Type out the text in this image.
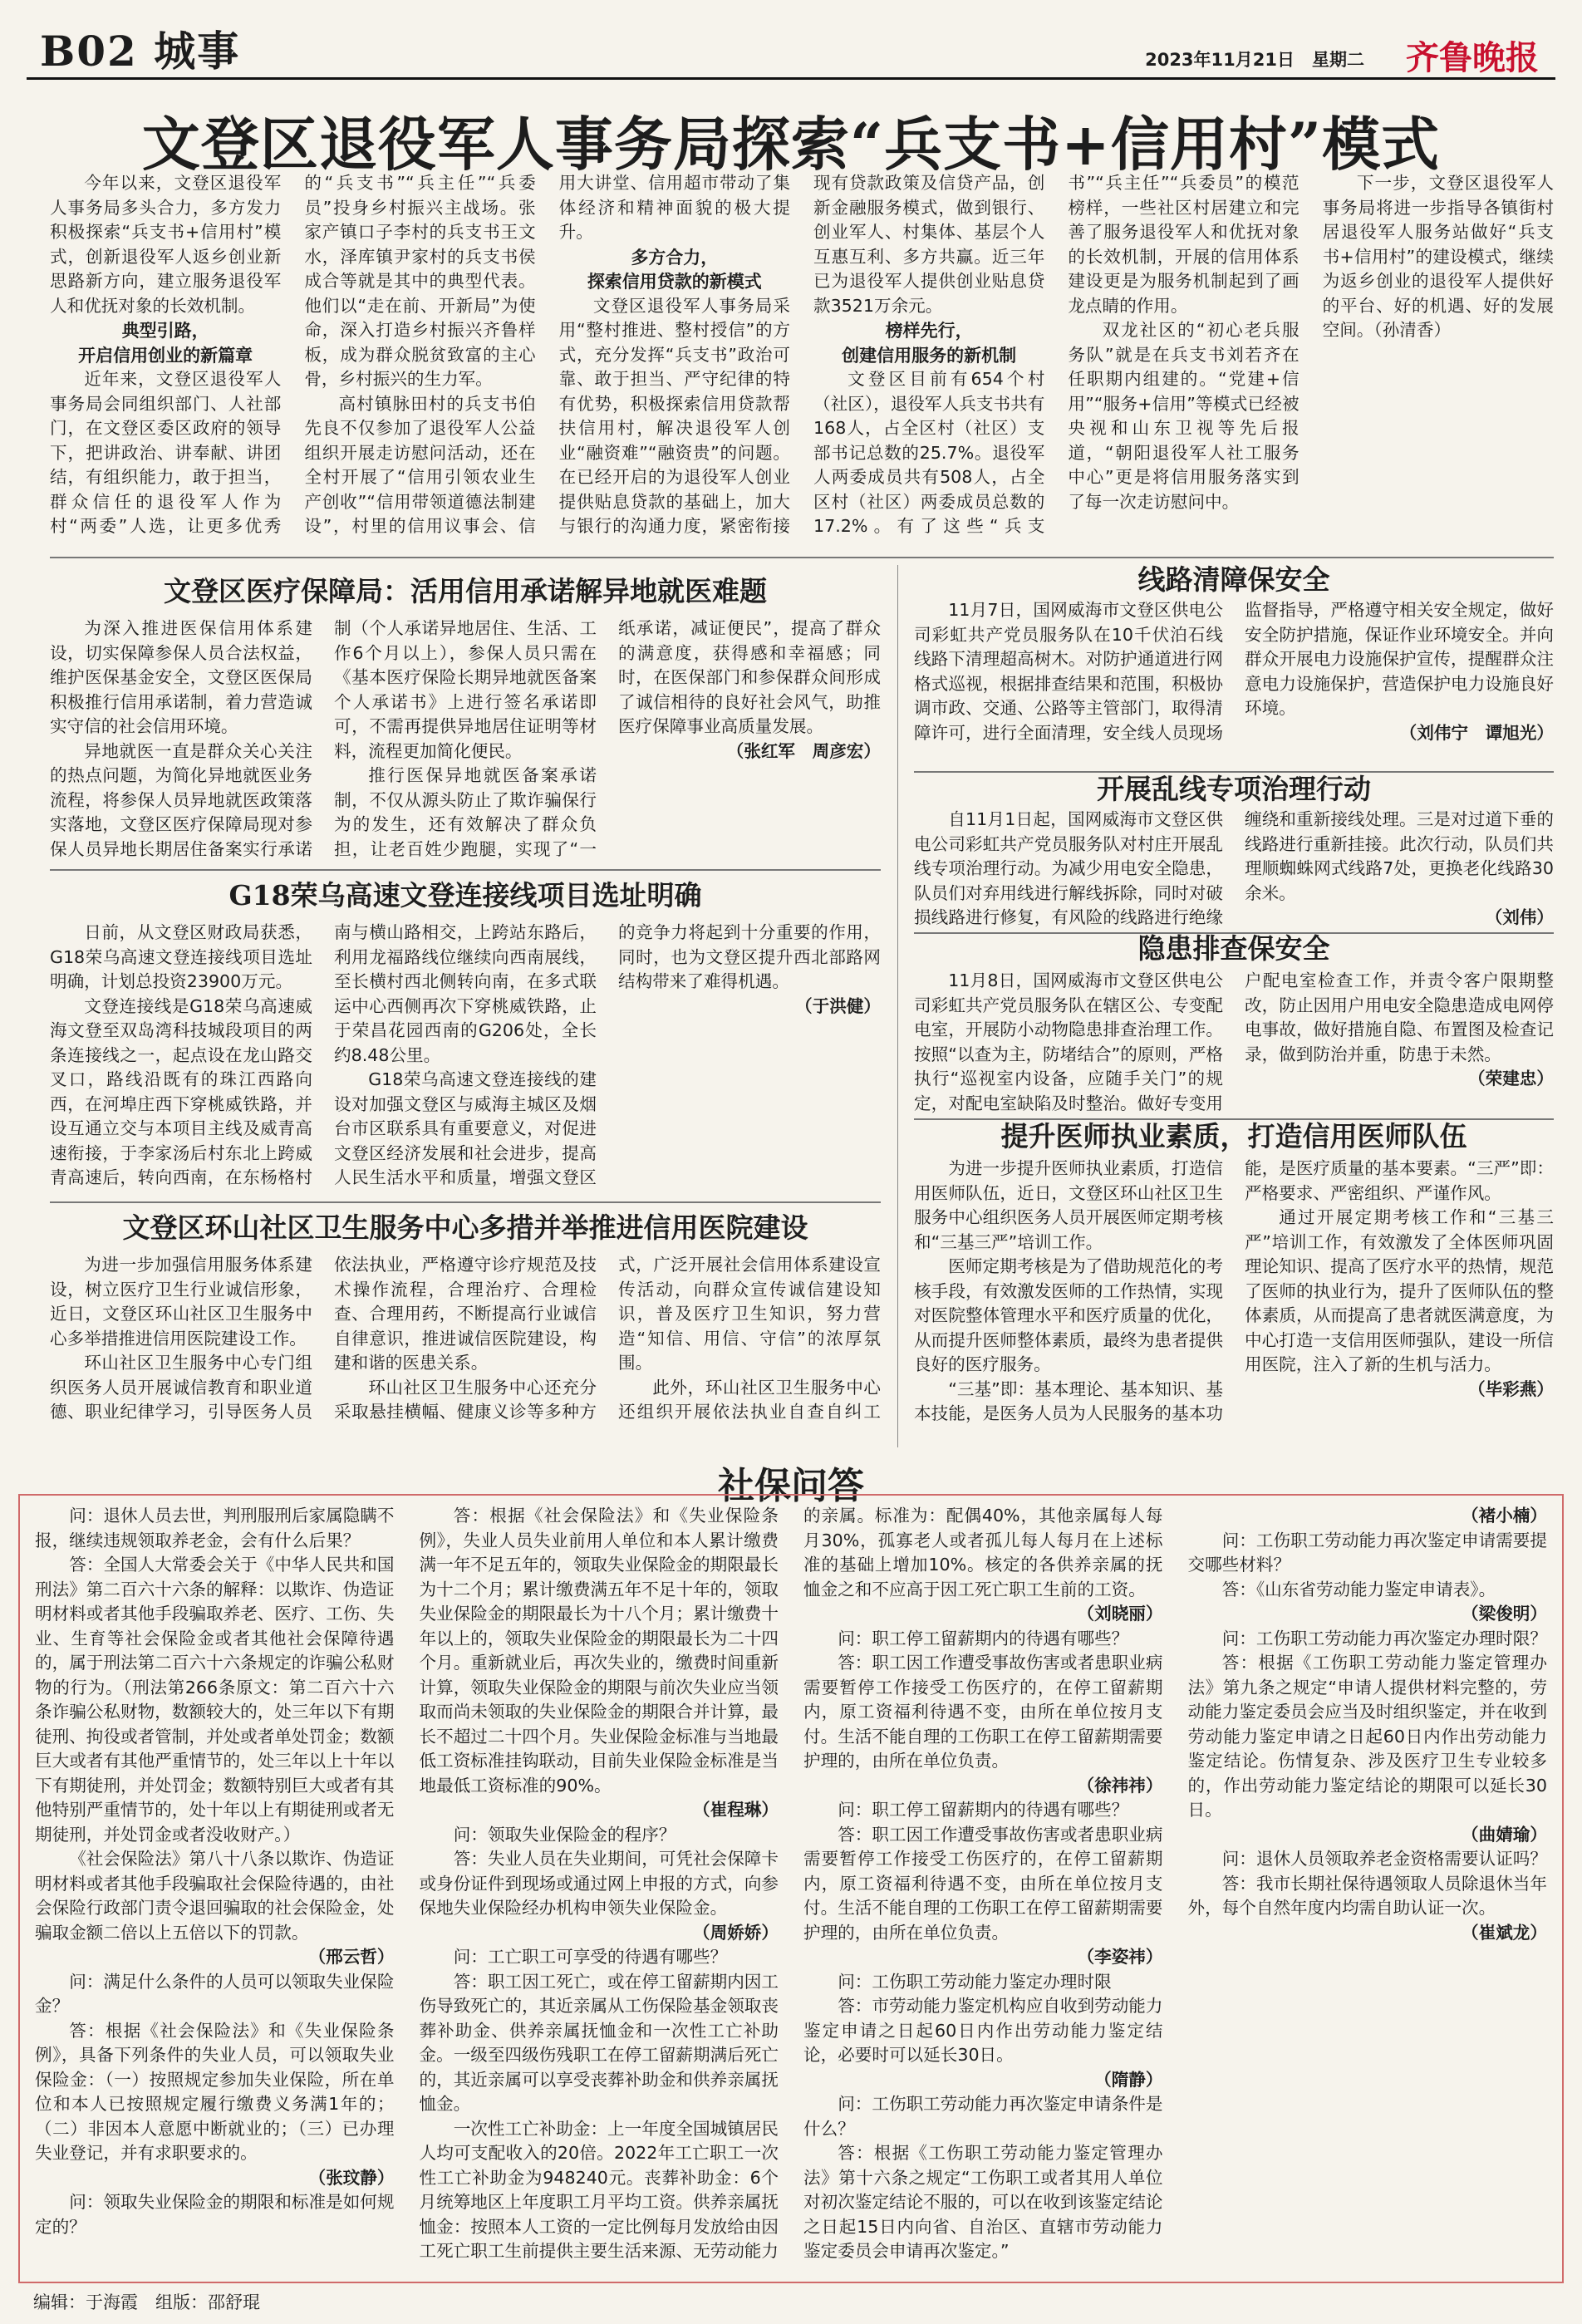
B02 城事	2023年11月21日　星期二 齐鲁晚报
文登区退役军人事务局探索“兵支书+信用村”模式

今年以来，文登区退役军人事务局多头合力，多方发力积极探索“兵支书+信用村”模式，创新退役军人返乡创业新思路新方向，建立服务退役军人和优抚对象的长效机制。

典型引路，
开启信用创业的新篇章

近年来，文登区退役军人事务局会同组织部门、人社部门，在文登区委区政府的领导下，把讲政治、讲奉献、讲团结，有组织能力，敢于担当，群众信任的退役军人作为村“两委”人选，让更多优秀的“兵支书”“兵主任”“兵委员”投身乡村振兴主战场。张家产镇口子李村的兵支书王文水，泽库镇尹家村的兵支书侯成合等就是其中的典型代表。他们以“走在前、开新局”为使命，深入打造乡村振兴齐鲁样板，成为群众脱贫致富的主心骨，乡村振兴的生力军。

高村镇脉田村的兵支书伯先良不仅参加了退役军人公益组织开展走访慰问活动，还在全村开展了“信用引领农业生产创收”“信用带领道德法制建设”，村里的信用议事会、信用大讲堂、信用超市带动了集体经济和精神面貌的极大提升。

多方合力，
探索信用贷款的新模式

文登区退役军人事务局采用“整村推进、整村授信”的方式，充分发挥“兵支书”政治可靠、敢于担当、严守纪律的特有优势，积极探索信用贷款帮扶信用村，解决退役军人创业“融资难”“融资贵”的问题。在已经开启的为退役军人创业提供贴息贷款的基础上，加大与银行的沟通力度，紧密衔接现有贷款政策及信贷产品，创新金融服务模式，做到银行、创业军人、村集体、基层个人互惠互利、多方共赢。近三年已为退役军人提供创业贴息贷款3521万余元。

榜样先行，
创建信用服务的新机制

文登区目前有654个村（社区），退役军人兵支书共有168人，占全区村（社区）支部书记总数的25.7%。退役军人两委成员共有508人，占全区村（社区）两委成员总数的17.2%。有了这些“兵支书”“兵主任”“兵委员”的模范榜样，一些社区村居建立和完善了服务退役军人和优抚对象的长效机制，开展的信用体系建设更是为服务机制起到了画龙点睛的作用。

双龙社区的“初心老兵服务队”就是在兵支书刘若齐在任职期内组建的。“党建+信用”“服务+信用”等模式已经被央视和山东卫视等先后报道，“朝阳退役军人社工服务中心”更是将信用服务落实到了每一次走访慰问中。

下一步，文登区退役军人事务局将进一步指导各镇街村居退役军人服务站做好“兵支书+信用村”的建设模式，继续为返乡创业的退役军人提供好的平台、好的机遇、好的发展空间。（孙清香）

文登区医疗保障局：活用信用承诺解异地就医难题

为深入推进医保信用体系建设，切实保障参保人员合法权益，维护医保基金安全，文登区医保局积极推行信用承诺制，着力营造诚实守信的社会信用环境。

异地就医一直是群众关心关注的热点问题，为简化异地就医业务流程，将参保人员异地就医政策落实落地，文登区医疗保障局现对参保人员异地长期居住备案实行承诺制（个人承诺异地居住、生活、工作6个月以上），参保人员只需在《基本医疗保险长期异地就医备案个人承诺书》上进行签名承诺即可，不需再提供异地居住证明等材料，流程更加简化便民。

推行医保异地就医备案承诺制，不仅从源头防止了欺诈骗保行为的发生，还有效解决了群众负担，让老百姓少跑腿，实现了“一纸承诺，减证便民”，提高了群众的满意度，获得感和幸福感；同时，在医保部门和参保群众间形成了诚信相待的良好社会风气，助推医疗保障事业高质量发展。

（张红军　周彦宏）
G18荣乌高速文登连接线项目选址明确

日前，从文登区财政局获悉，G18荣乌高速文登连接线项目选址明确，计划总投资23900万元。

文登连接线是G18荣乌高速威海文登至双岛湾科技城段项目的两条连接线之一，起点设在龙山路交叉口，路线沿既有的珠江西路向西，在河埠庄西下穿桃威铁路，并设互通立交与本项目主线及威青高速衔接，于李家汤后村东北上跨威青高速后，转向西南，在东杨格村南与横山路相交，上跨站东路后，利用龙福路线位继续向西南展线，至长横村西北侧转向南，在多式联运中心西侧再次下穿桃威铁路，止于荣昌花园西南的G206处，全长约8.48公里。

G18荣乌高速文登连接线的建设对加强文登区与威海主城区及烟台市区联系具有重要意义，对促进文登区经济发展和社会进步，提高人民生活水平和质量，增强文登区的竞争力将起到十分重要的作用，同时，也为文登区提升西北部路网结构带来了难得机遇。

（于洪健）
文登区环山社区卫生服务中心多措并举推进信用医院建设

为进一步加强信用服务体系建设，树立医疗卫生行业诚信形象，近日，文登区环山社区卫生服务中心多举措推进信用医院建设工作。

环山社区卫生服务中心专门组织医务人员开展诚信教育和职业道德、职业纪律学习，引导医务人员依法执业，严格遵守诊疗规范及技术操作流程，合理治疗、合理检查、合理用药，不断提高行业诚信自律意识，推进诚信医院建设，构建和谐的医患关系。

环山社区卫生服务中心还充分采取悬挂横幅、健康义诊等多种方式，广泛开展社会信用体系建设宣传活动，向群众宣传诚信建设知识，普及医疗卫生知识，努力营造“知信、用信、守信”的浓厚氛围。

此外，环山社区卫生服务中心还组织开展依法执业自查自纠工

线路清障保安全

11月7日，国网威海市文登区供电公司彩虹共产党员服务队在10千伏泊石线线路下清理超高树木。对防护通道进行网格式巡视，根据排查结果和范围，积极协调市政、交通、公路等主管部门，取得清障许可，进行全面清理，安全线人员现场监督指导，严格遵守相关安全规定，做好安全防护措施，保证作业环境安全。并向群众开展电力设施保护宣传，提醒群众注意电力设施保护，营造保护电力设施良好环境。

（刘伟宁　谭旭光）
开展乱线专项治理行动

自11月1日起，国网威海市文登区供电公司彩虹共产党员服务队对村庄开展乱线专项治理行动。为减少用电安全隐患，队员们对弃用线进行解线拆除，同时对破损线路进行修复，有风险的线路进行绝缘缠绕和重新接线处理。三是对过道下垂的线路进行重新挂接。此次行动，队员们共理顺蜘蛛网式线路7处，更换老化线路30余米。

（刘伟）
隐患排查保安全

11月8日，国网威海市文登区供电公司彩虹共产党员服务队在辖区公、专变配电室，开展防小动物隐患排查治理工作。按照“以查为主，防堵结合”的原则，严格执行“巡视室内设备，应随手关门”的规定，对配电室缺陷及时整治。做好专变用户配电室检查工作，并责令客户限期整改，防止因用户用电安全隐患造成电网停电事故，做好措施自隐、布置图及检查记录，做到防治并重，防患于未然。

（荣建忠）
提升医师执业素质，打造信用医师队伍

为进一步提升医师执业素质，打造信用医师队伍，近日，文登区环山社区卫生服务中心组织医务人员开展医师定期考核和“三基三严”培训工作。

医师定期考核是为了借助规范化的考核手段，有效激发医师的工作热情，实现对医院整体管理水平和医疗质量的优化，从而提升医师整体素质，最终为患者提供良好的医疗服务。

“三基”即：基本理论、基本知识、基本技能，是医务人员为人民服务的基本功能，是医疗质量的基本要素。“三严”即：严格要求、严密组织、严谨作风。

通过开展定期考核工作和“三基三严”培训工作，有效激发了全体医师巩固理论知识、提高了医疗水平的热情，规范了医师的执业行为，提升了医师队伍的整体素质，从而提高了患者就医满意度，为中心打造一支信用医师强队，建设一所信用医院，注入了新的生机与活力。

（毕彩燕）
社保问答

问：退休人员去世，判刑服刑后家属隐瞒不报，继续违规领取养老金，会有什么后果？

答：全国人大常委会关于《中华人民共和国刑法》第二百六十六条的解释：以欺诈、伪造证明材料或者其他手段骗取养老、医疗、工伤、失业、生育等社会保险金或者其他社会保障待遇的，属于刑法第二百六十六条规定的诈骗公私财物的行为。（刑法第266条原文：第二百六十六条诈骗公私财物，数额较大的，处三年以下有期徒刑、拘役或者管制，并处或者单处罚金；数额巨大或者有其他严重情节的，处三年以上十年以下有期徒刑，并处罚金；数额特别巨大或者有其他特别严重情节的，处十年以上有期徒刑或者无期徒刑，并处罚金或者没收财产。）

《社会保险法》第八十八条以欺诈、伪造证明材料或者其他手段骗取社会保险待遇的，由社会保险行政部门责令退回骗取的社会保险金，处骗取金额二倍以上五倍以下的罚款。

（邢云哲）

问：满足什么条件的人员可以领取失业保险金？

答：根据《社会保险法》和《失业保险条例》，具备下列条件的失业人员，可以领取失业保险金：（一）按照规定参加失业保险，所在单位和本人已按照规定履行缴费义务满1年的；（二）非因本人意愿中断就业的；（三）已办理失业登记，并有求职要求的。

（张玟静）

问：领取失业保险金的期限和标准是如何规定的？

答：根据《社会保险法》和《失业保险条例》，失业人员失业前用人单位和本人累计缴费满一年不足五年的，领取失业保险金的期限最长为十二个月；累计缴费满五年不足十年的，领取失业保险金的期限最长为十八个月；累计缴费十年以上的，领取失业保险金的期限最长为二十四个月。重新就业后，再次失业的，缴费时间重新计算，领取失业保险金的期限与前次失业应当领取而尚未领取的失业保险金的期限合并计算，最长不超过二十四个月。失业保险金标准与当地最低工资标准挂钩联动，目前失业保险金标准是当地最低工资标准的90%。

（崔程琳）

问：领取失业保险金的程序？

答：失业人员在失业期间，可凭社会保障卡或身份证件到现场或通过网上申报的方式，向参保地失业保险经办机构申领失业保险金。

（周娇娇）

问：工亡职工可享受的待遇有哪些？

答：职工因工死亡，或在停工留薪期内因工伤导致死亡的，其近亲属从工伤保险基金领取丧葬补助金、供养亲属抚恤金和一次性工亡补助金。一级至四级伤残职工在停工留薪期满后死亡的，其近亲属可以享受丧葬补助金和供养亲属抚恤金。

一次性工亡补助金：上一年度全国城镇居民人均可支配收入的20倍。2022年工亡职工一次性工亡补助金为948240元。丧葬补助金：6个月统筹地区上年度职工月平均工资。供养亲属抚恤金：按照本人工资的一定比例每月发放给由因工死亡职工生前提供主要生活来源、无劳动能力的亲属。标准为：配偶40%，其他亲属每人每月30%，孤寡老人或者孤儿每人每月在上述标准的基础上增加10%。核定的各供养亲属的抚恤金之和不应高于因工死亡职工生前的工资。

（刘晓丽）

问：职工停工留薪期内的待遇有哪些？

答：职工因工作遭受事故伤害或者患职业病需要暂停工作接受工伤医疗的，在停工留薪期内，原工资福利待遇不变，由所在单位按月支付。生活不能自理的工伤职工在停工留薪期需要护理的，由所在单位负责。

（徐祎祎）

问：职工停工留薪期内的待遇有哪些？

答：职工因工作遭受事故伤害或者患职业病需要暂停工作接受工伤医疗的，在停工留薪期内，原工资福利待遇不变，由所在单位按月支付。生活不能自理的工伤职工在停工留薪期需要护理的，由所在单位负责。

（李姿祎）

问：工伤职工劳动能力鉴定办理时限

答：市劳动能力鉴定机构应自收到劳动能力鉴定申请之日起60日内作出劳动能力鉴定结论，必要时可以延长30日。

（隋静）

问：工伤职工劳动能力再次鉴定申请条件是什么？

答：根据《工伤职工劳动能力鉴定管理办法》第十六条之规定“工伤职工或者其用人单位对初次鉴定结论不服的，可以在收到该鉴定结论之日起15日内向省、自治区、直辖市劳动能力鉴定委员会申请再次鉴定。”

（褚小楠）

问：工伤职工劳动能力再次鉴定申请需要提交哪些材料？

答：《山东省劳动能力鉴定申请表》。

（梁俊明）

问：工伤职工劳动能力再次鉴定办理时限？

答：根据《工伤职工劳动能力鉴定管理办法》第九条之规定“申请人提供材料完整的，劳动能力鉴定委员会应当及时组织鉴定，并在收到劳动能力鉴定申请之日起60日内作出劳动能力鉴定结论。伤情复杂、涉及医疗卫生专业较多的，作出劳动能力鉴定结论的期限可以延长30日。

（曲婧瑜）

问：退休人员领取养老金资格需要认证吗？

答：我市长期社保待遇领取人员除退休当年外，每个自然年度内均需自助认证一次。

（崔斌龙）
编辑：于海霞　组版：邵舒琨
